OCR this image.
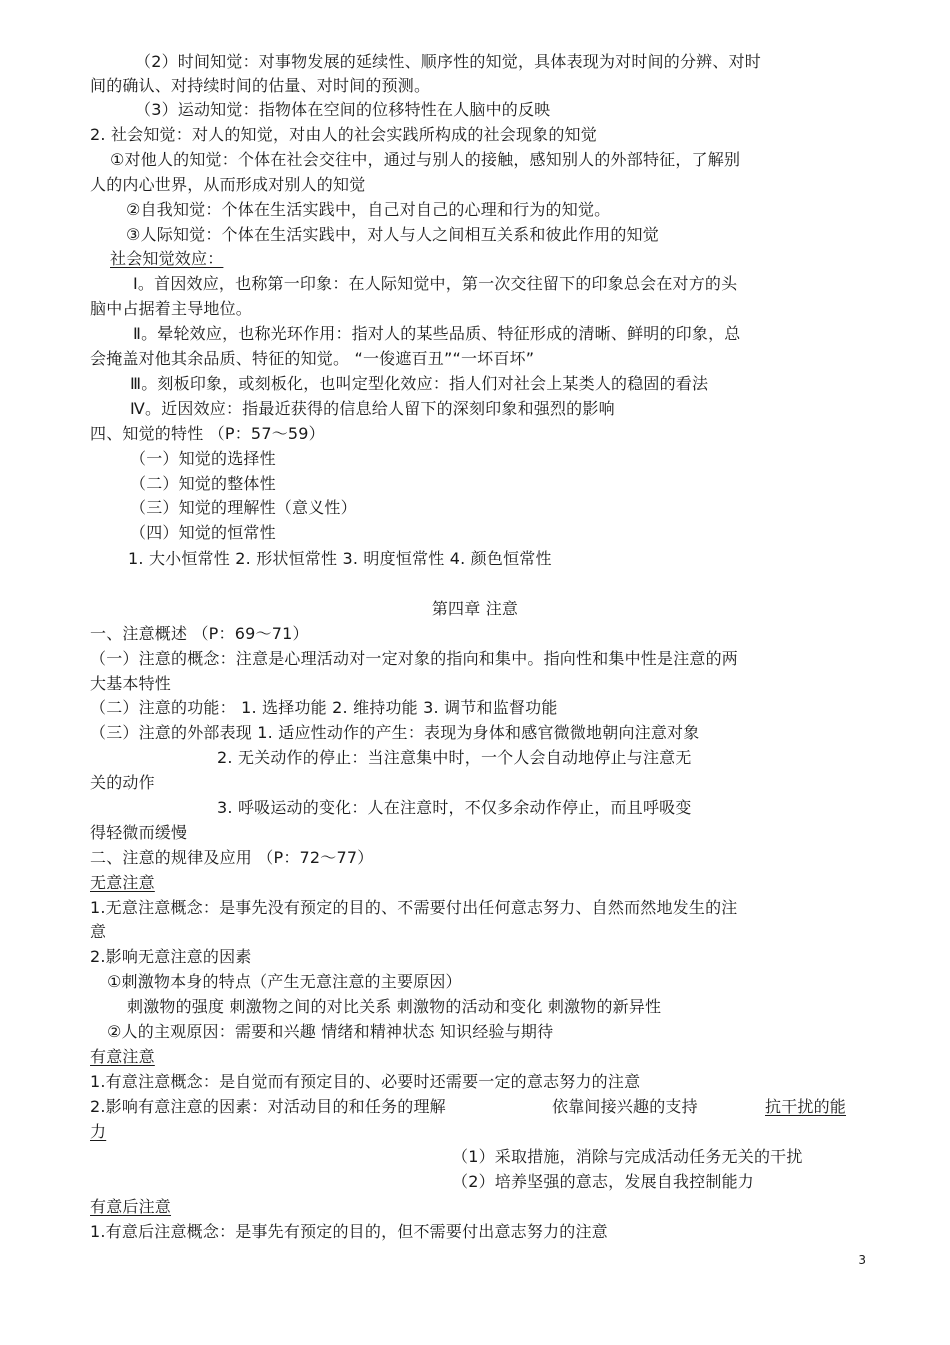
（2）时间知觉：对事物发展的延续性、顺序性的知觉，具体表现为对时间的分辨、对时
间的确认、对持续时间的估量、对时间的预测。
（3）运动知觉：指物体在空间的位移特性在人脑中的反映
2. 社会知觉：对人的知觉，对由人的社会实践所构成的社会现象的知觉
①对他人的知觉：个体在社会交往中，通过与别人的接触，感知别人的外部特征，了解别
人的内心世界，从而形成对别人的知觉
②自我知觉：个体在生活实践中，自己对自己的心理和行为的知觉。
③人际知觉：个体在生活实践中，对人与人之间相互关系和彼此作用的知觉
社会知觉效应：
Ⅰ。首因效应，也称第一印象：在人际知觉中，第一次交往留下的印象总会在对方的头
脑中占据着主导地位。
Ⅱ。晕轮效应，也称光环作用：指对人的某些品质、特征形成的清晰、鲜明的印象，总
会掩盖对他其余品质、特征的知觉。 “一俊遮百丑”“一坏百坏”
Ⅲ。刻板印象，或刻板化，也叫定型化效应：指人们对社会上某类人的稳固的看法
Ⅳ。近因效应：指最近获得的信息给人留下的深刻印象和强烈的影响
四、知觉的特性 （P：57～59）
（一）知觉的选择性
（二）知觉的整体性
（三）知觉的理解性（意义性）
（四）知觉的恒常性
1. 大小恒常性 2. 形状恒常性 3. 明度恒常性 4. 颜色恒常性
第四章 注意
一、注意概述 （P：69～71）
（一）注意的概念：注意是心理活动对一定对象的指向和集中。指向性和集中性是注意的两
大基本特性
（二）注意的功能： 1. 选择功能 2. 维持功能 3. 调节和监督功能
（三）注意的外部表现 1. 适应性动作的产生：表现为身体和感官微微地朝向注意对象
2. 无关动作的停止：当注意集中时，一个人会自动地停止与注意无
关的动作
3. 呼吸运动的变化：人在注意时，不仅多余动作停止，而且呼吸变
得轻微而缓慢
二、注意的规律及应用 （P：72～77）
无意注意
1.无意注意概念：是事先没有预定的目的、不需要付出任何意志努力、自然而然地发生的注
意
2.影响无意注意的因素
①刺激物本身的特点（产生无意注意的主要原因）
刺激物的强度 刺激物之间的对比关系 刺激物的活动和变化 刺激物的新异性
②人的主观原因：需要和兴趣 情绪和精神状态 知识经验与期待
有意注意
1.有意注意概念：是自觉而有预定目的、必要时还需要一定的意志努力的注意
2.影响有意注意的因素：对活动目的和任务的理解	依靠间接兴趣的支持	抗干扰的能
力
（1）采取措施，消除与完成活动任务无关的干扰
（2）培养坚强的意志，发展自我控制能力
有意后注意
1.有意后注意概念：是事先有预定的目的，但不需要付出意志努力的注意
3
